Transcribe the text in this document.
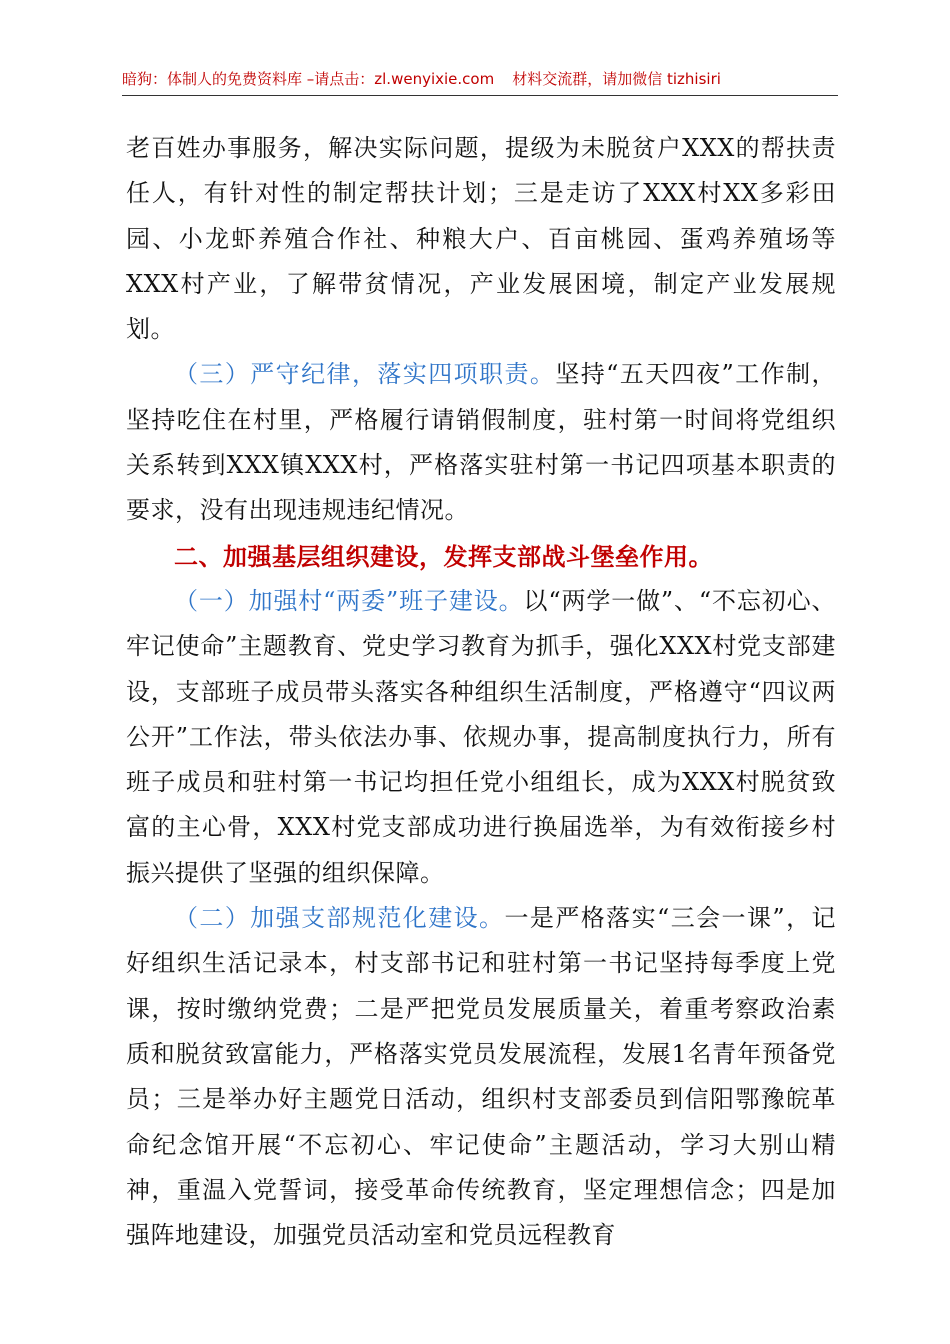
暗狗：体制人的免费资料库 –请点击：zl.wenyixie.com 材料交流群，请加微信 tizhisiri

老百姓办事服务，解决实际问题，提级为未脱贫户XXX的帮扶责任人，有针对性的制定帮扶计划；三是走访了XXX村XX多彩田园、小龙虾养殖合作社、种粮大户、百亩桃园、蛋鸡养殖场等XXX村产业，了解带贫情况，产业发展困境，制定产业发展规划。

（三）严守纪律，落实四项职责。坚持“五天四夜”工作制，坚持吃住在村里，严格履行请销假制度，驻村第一时间将党组织关系转到XXX镇XXX村，严格落实驻村第一书记四项基本职责的要求，没有出现违规违纪情况。

二、加强基层组织建设，发挥支部战斗堡垒作用。

（一）加强村“两委”班子建设。以“两学一做”、“不忘初心、牢记使命”主题教育、党史学习教育为抓手，强化XXX村党支部建设，支部班子成员带头落实各种组织生活制度，严格遵守“四议两公开”工作法，带头依法办事、依规办事，提高制度执行力，所有班子成员和驻村第一书记均担任党小组组长，成为XXX村脱贫致富的主心骨，XXX村党支部成功进行换届选举，为有效衔接乡村振兴提供了坚强的组织保障。

（二）加强支部规范化建设。一是严格落实“三会一课”，记好组织生活记录本，村支部书记和驻村第一书记坚持每季度上党课，按时缴纳党费；二是严把党员发展质量关，着重考察政治素质和脱贫致富能力，严格落实党员发展流程，发展1名青年预备党员；三是举办好主题党日活动，组织村支部委员到信阳鄂豫皖革命纪念馆开展“不忘初心、牢记使命”主题活动，学习大别山精神，重温入党誓词，接受革命传统教育，坚定理想信念；四是加强阵地建设，加强党员活动室和党员远程教育
